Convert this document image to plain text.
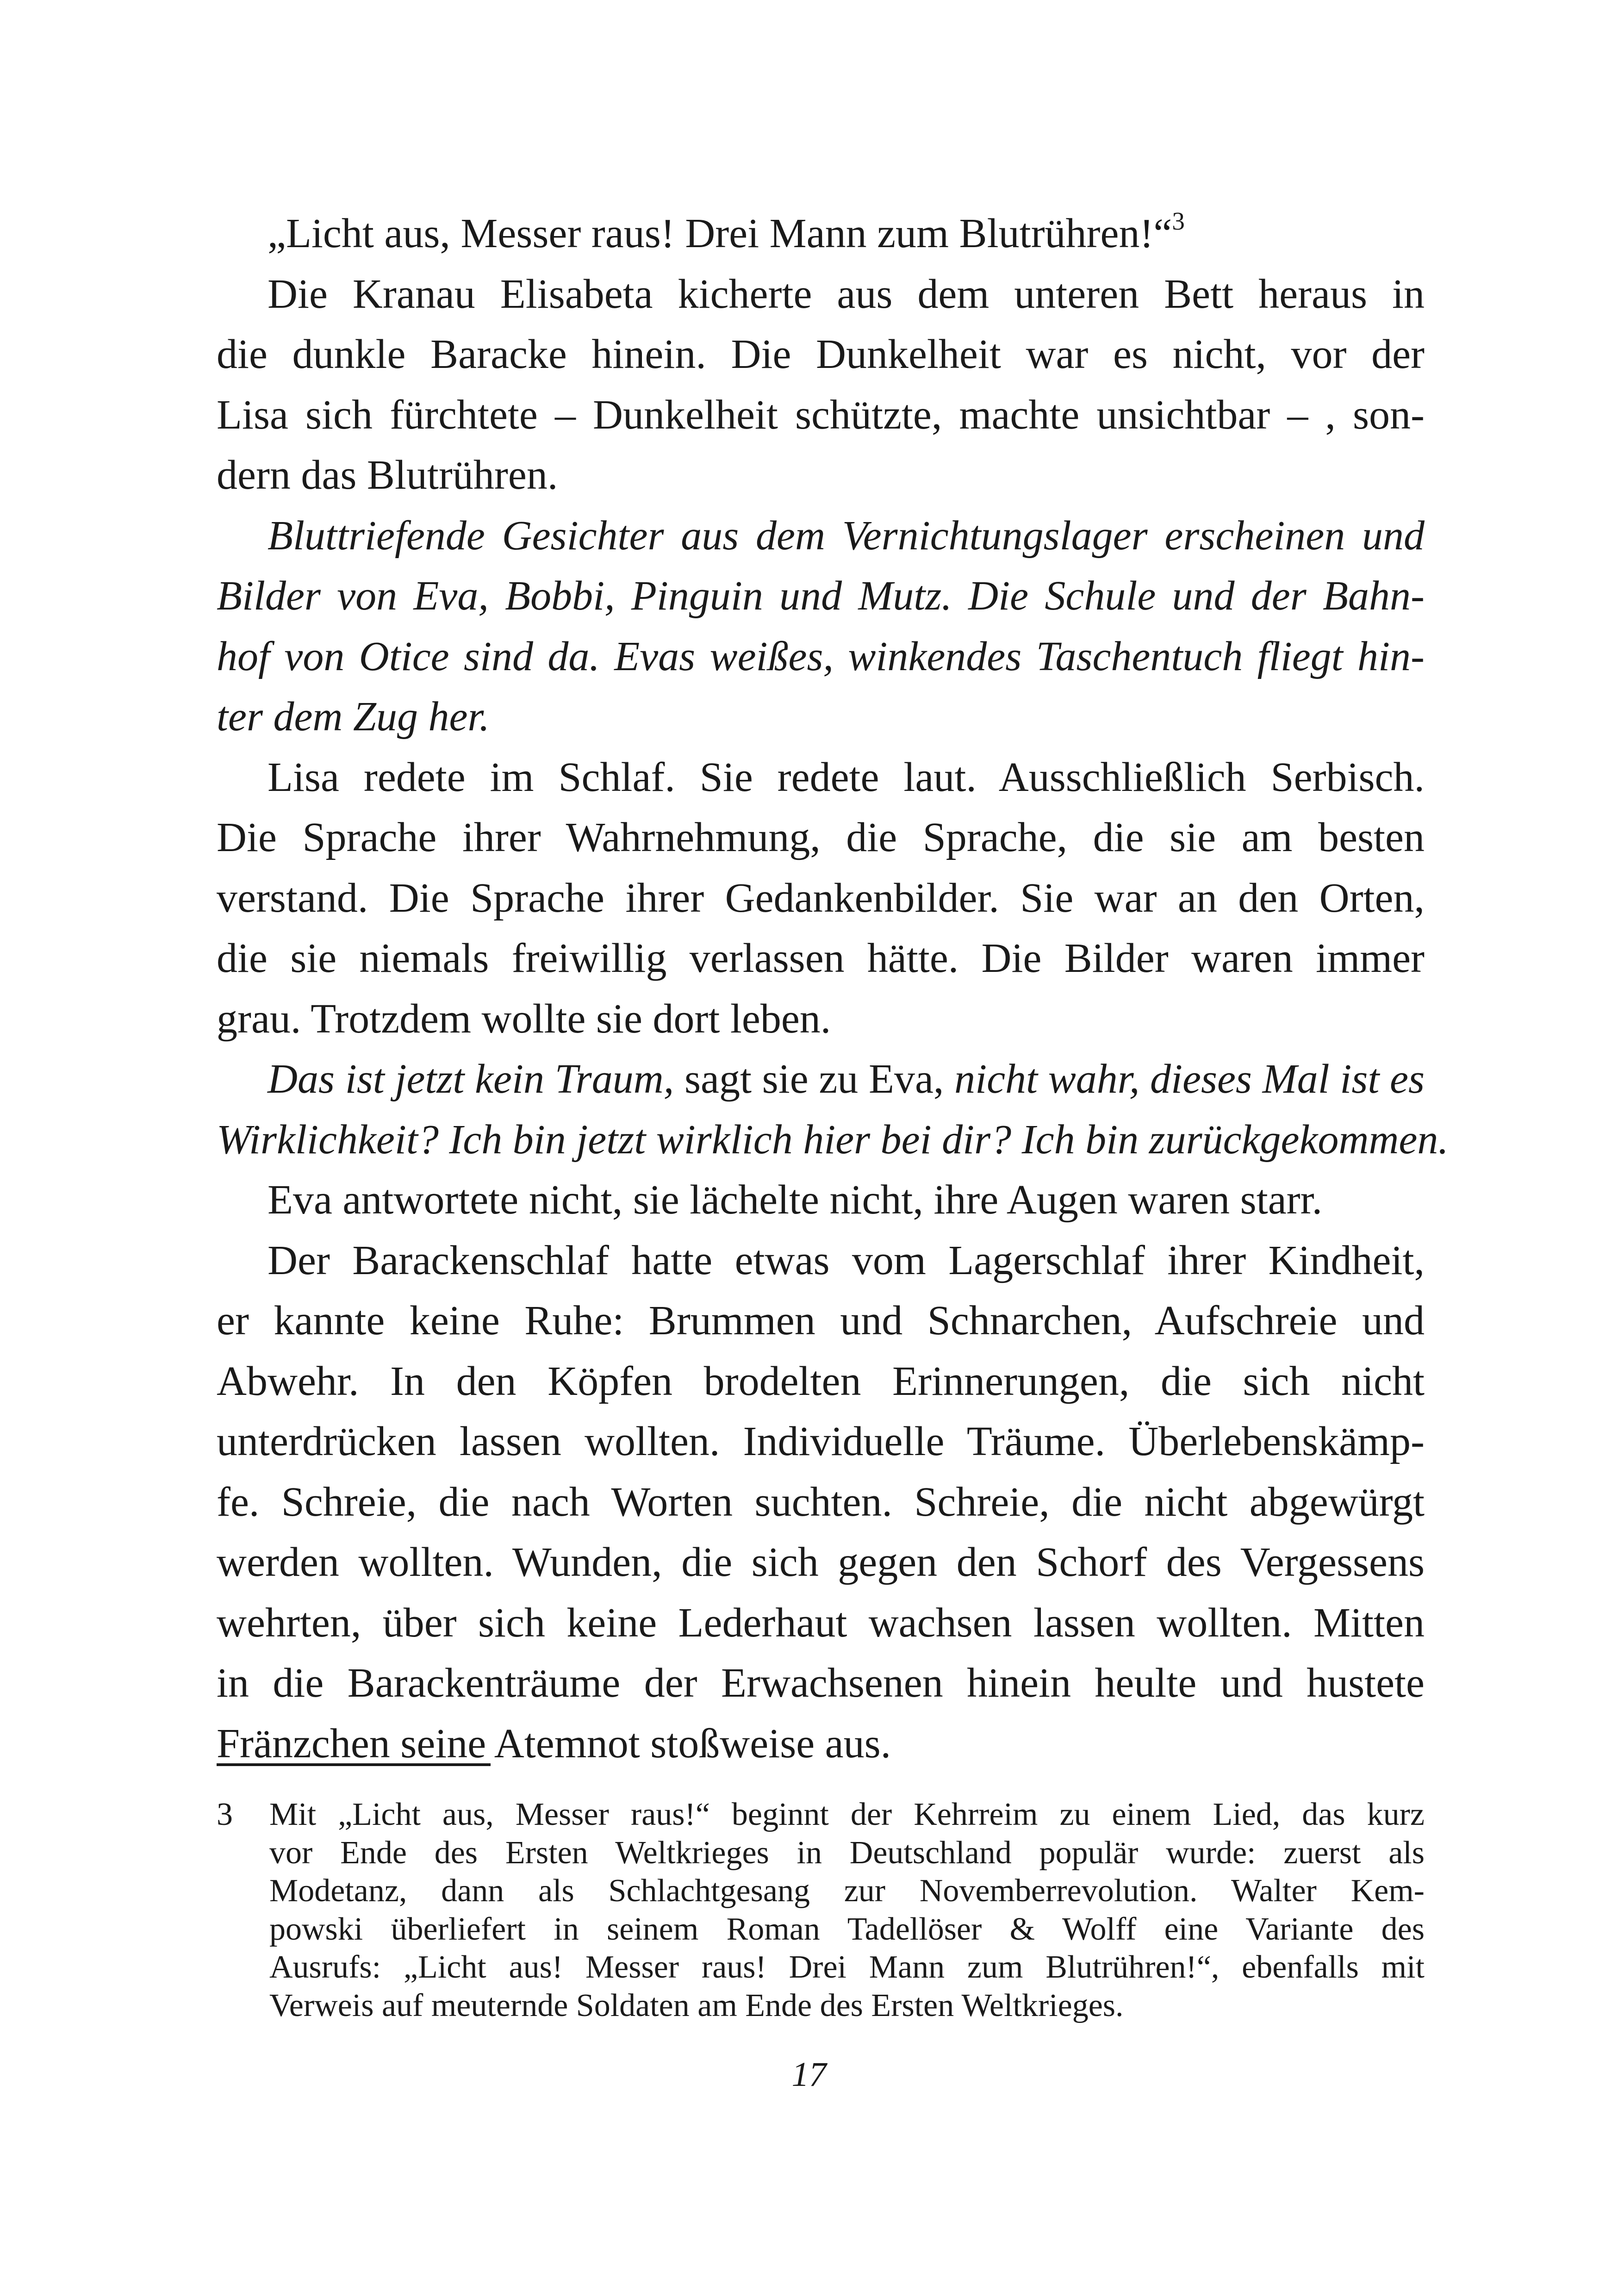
„Licht aus, Messer raus! Drei Mann zum Blutrühren!“$^3$
Die Kranau Elisabeta kicherte aus dem unteren Bett heraus in
die dunkle Baracke hinein. Die Dunkelheit war es nicht, vor der
Lisa sich fürchtete – Dunkelheit schützte, machte unsichtbar – , son-
dern das Blutrühren.
Bluttriefende Gesichter aus dem Vernichtungslager erscheinen und
Bilder von Eva, Bobbi, Pinguin und Mutz. Die Schule und der Bahn-
hof von Otice sind da. Evas weißes, winkendes Taschentuch fliegt hin-
ter dem Zug her.
Lisa redete im Schlaf. Sie redete laut. Ausschließlich Serbisch.
Die Sprache ihrer Wahrnehmung, die Sprache, die sie am besten
verstand. Die Sprache ihrer Gedankenbilder. Sie war an den Orten,
die sie niemals freiwillig verlassen hätte. Die Bilder waren immer
grau. Trotzdem wollte sie dort leben.
Das ist jetzt kein Traum, sagt sie zu Eva, nicht wahr, dieses Mal ist es
Wirklichkeit? Ich bin jetzt wirklich hier bei dir? Ich bin zurückgekommen.
Eva antwortete nicht, sie lächelte nicht, ihre Augen waren starr.
Der Barackenschlaf hatte etwas vom Lagerschlaf ihrer Kindheit,
er kannte keine Ruhe: Brummen und Schnarchen, Aufschreie und
Abwehr. In den Köpfen brodelten Erinnerungen, die sich nicht
unterdrücken lassen wollten. Individuelle Träume. Überlebenskämp-
fe. Schreie, die nach Worten suchten. Schreie, die nicht abgewürgt
werden wollten. Wunden, die sich gegen den Schorf des Vergessens
wehrten, über sich keine Lederhaut wachsen lassen wollten. Mitten
in die Barackenträume der Erwachsenen hinein heulte und hustete
Fränzchen seine Atemnot stoßweise aus.
3 Mit „Licht aus, Messer raus!“ beginnt der Kehrreim zu einem Lied, das kurz
vor Ende des Ersten Weltkrieges in Deutschland populär wurde: zuerst als
Modetanz, dann als Schlachtgesang zur Novemberrevolution. Walter Kem-
powski überliefert in seinem Roman Tadellöser & Wolff eine Variante des
Ausrufs: „Licht aus! Messer raus! Drei Mann zum Blutrühren!“, ebenfalls mit
Verweis auf meuternde Soldaten am Ende des Ersten Weltkrieges.
17
